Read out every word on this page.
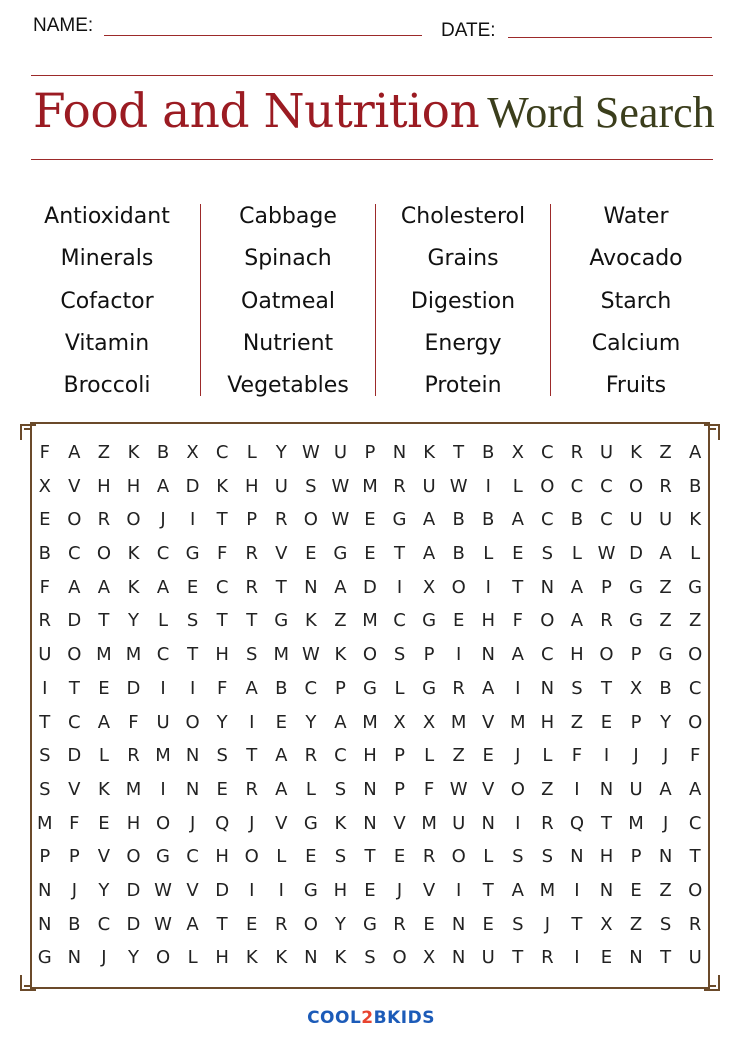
NAME:	DATE:
Food and Nutrition Word Search
Antioxidant
Minerals
Cofactor
Vitamin
Broccoli
Cabbage
Spinach
Oatmeal
Nutrient
Vegetables
Cholesterol
Grains
Digestion
Energy
Protein
Water
Avocado
Starch
Calcium
Fruits
F	A Z K B X C	L	Y W U P N K	T B X C R U K Z A
X V H H A D K H U S W M R U W	I	L O C C O R B
E O R O	J	I	T	P R O W E G A B B A C B C U U K
B C O K C G F	R V E G E	T A B	L	E	S	L W D A	L
F	A A K A E C R T N A D	I	X O	I	T N A P G Z G
R D T	Y	L	S	T	T G K Z M C G E H F O A R G Z Z
U O M M C T H S M W K O S	P	I	N A C H O P G O
I	T	E D	I	I	F	A B C P G L G R A	I	N S	T X B C
T C A	F U O Y	I	E	Y A M X X M V M H Z E	P	Y O
S D L	R M N S	T A R C H P	L	Z E	J	L	F	I	J	J	F
S V K M	I	N E R A	L	S N P	F W V O Z	I	N U A A
M F	E H O	J	Q	J	V G K N V M U N	I	R Q T M	J	C
P	P V O G C H O L	E	S	T	E R O L	S	S N H P N T
N	J	Y D W V D	I	I	G H E	J	V	I	T A M	I	N E Z O
N B C D W A T	E R O Y G R E N E	S	J	T X Z S R
G N	J	Y O L H K K N K S O X N U T R	I	E N T U
COOL2BKIDS
